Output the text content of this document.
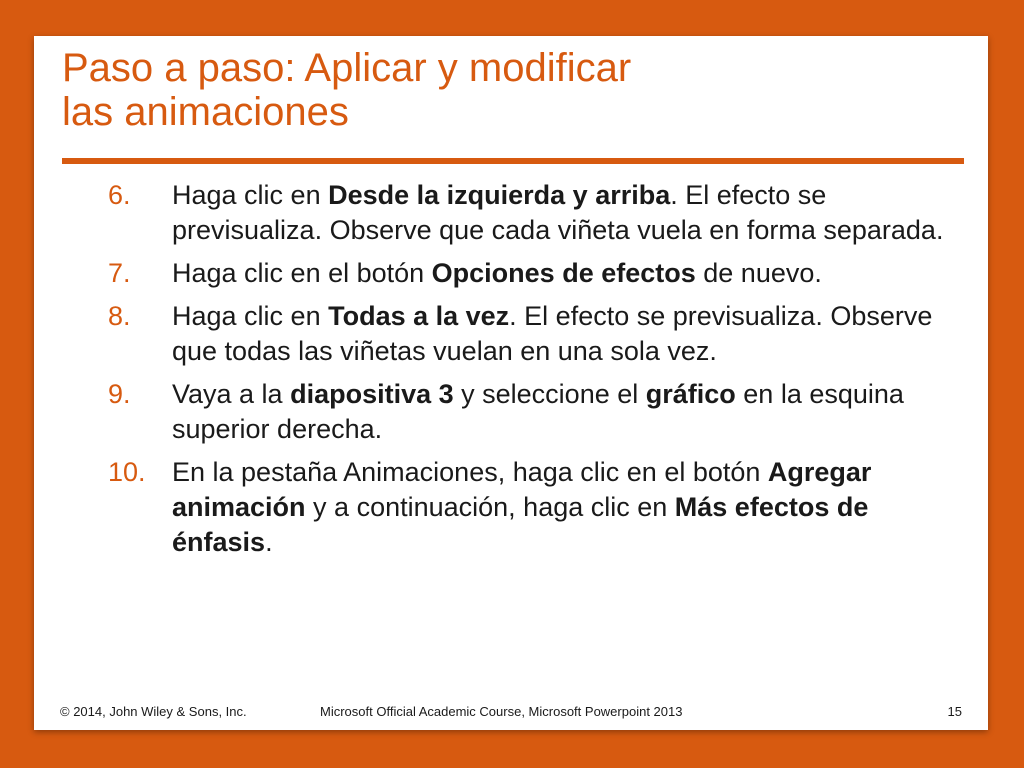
Paso a paso: Aplicar y modificar
las animaciones
6. Haga clic en Desde la izquierda y arriba. El efecto se previsualiza. Observe que cada viñeta vuela en forma separada.
7. Haga clic en el botón Opciones de efectos de nuevo.
8. Haga clic en Todas a la vez. El efecto se previsualiza. Observe que todas las viñetas vuelan en una sola vez.
9. Vaya a la diapositiva 3 y seleccione el gráfico en la esquina superior derecha.
10. En la pestaña Animaciones, haga clic en el botón Agregar animación y a continuación, haga clic en Más efectos de énfasis.
© 2014, John Wiley & Sons, Inc.	Microsoft Official Academic Course, Microsoft Powerpoint 2013	15
